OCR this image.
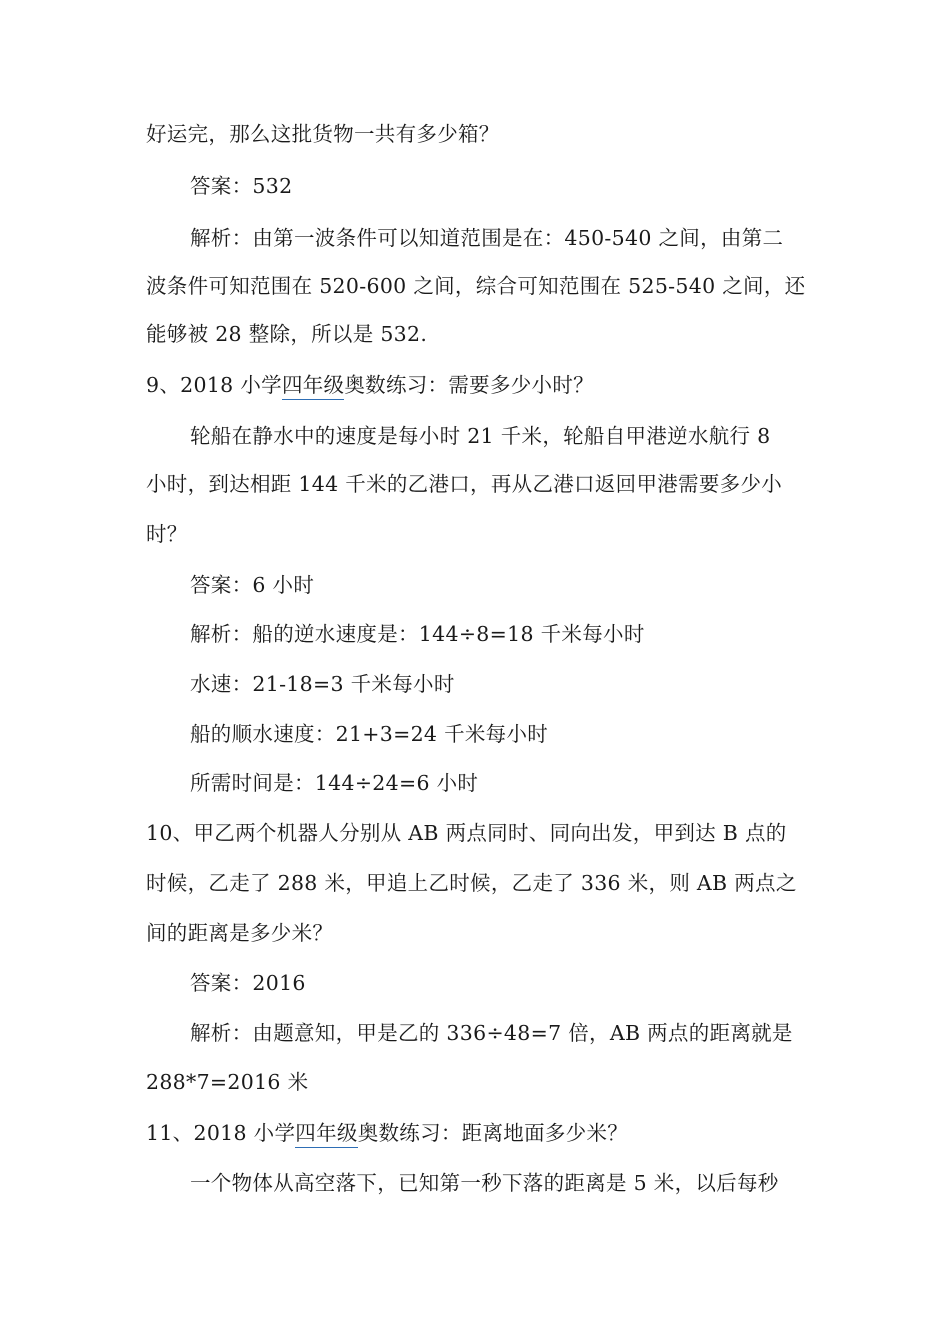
好运完，那么这批货物一共有多少箱？
答案：532
解析：由第一波条件可以知道范围是在：450-540 之间，由第二
波条件可知范围在 520-600 之间，综合可知范围在 525-540 之间，还
能够被 28 整除，所以是 532.
9、2018 小学四年级奥数练习：需要多少小时？
轮船在静水中的速度是每小时 21 千米，轮船自甲港逆水航行 8
小时，到达相距 144 千米的乙港口，再从乙港口返回甲港需要多少小
时？
答案：6 小时
解析：船的逆水速度是：144÷8=18 千米每小时
水速：21-18=3 千米每小时
船的顺水速度：21+3=24 千米每小时
所需时间是：144÷24=6 小时
10、甲乙两个机器人分别从 AB 两点同时、同向出发，甲到达 B 点的
时候，乙走了 288 米，甲追上乙时候，乙走了 336 米，则 AB 两点之
间的距离是多少米？
答案：2016
解析：由题意知，甲是乙的 336÷48=7 倍，AB 两点的距离就是
288*7=2016 米
11、2018 小学四年级奥数练习：距离地面多少米？
一个物体从高空落下，已知第一秒下落的距离是 5 米，以后每秒
